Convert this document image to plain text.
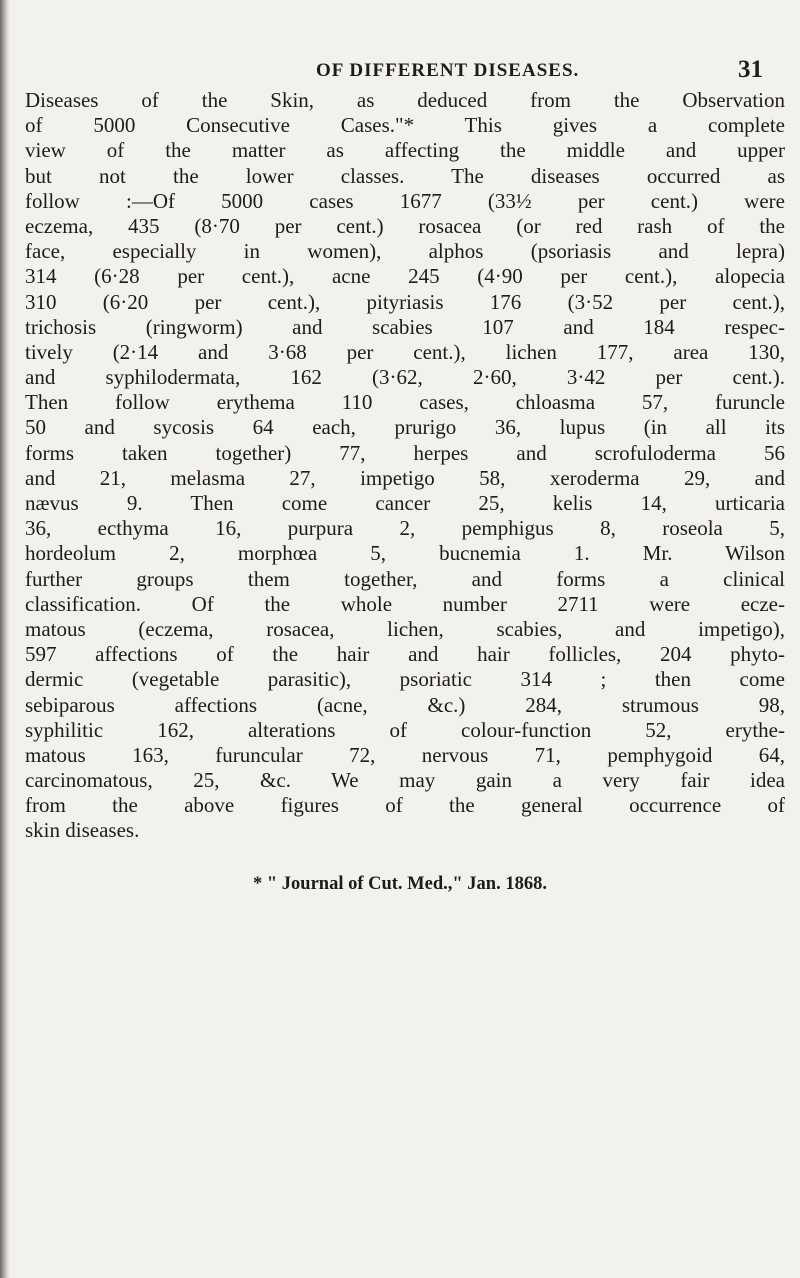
OF DIFFERENT DISEASES.	31
Diseases of the Skin, as deduced from the Observation
of 5000 Consecutive Cases."* This gives a complete
view of the matter as affecting the middle and upper
but not the lower classes. The diseases occurred as
follow :—Of 5000 cases 1677 (33½ per cent.) were
eczema, 435 (8·70 per cent.) rosacea (or red rash of the
face, especially in women), alphos (psoriasis and lepra)
314 (6·28 per cent.), acne 245 (4·90 per cent.), alopecia
310 (6·20 per cent.), pityriasis 176 (3·52 per cent.),
trichosis (ringworm) and scabies 107 and 184 respec-
tively (2·14 and 3·68 per cent.), lichen 177, area 130,
and syphilodermata, 162 (3·62, 2·60, 3·42 per cent.).
Then follow erythema 110 cases, chloasma 57, furuncle
50 and sycosis 64 each, prurigo 36, lupus (in all its
forms taken together) 77, herpes and scrofuloderma 56
and 21, melasma 27, impetigo 58, xeroderma 29, and
nævus 9. Then come cancer 25, kelis 14, urticaria
36, ecthyma 16, purpura 2, pemphigus 8, roseola 5,
hordeolum 2, morphœa 5, bucnemia 1. Mr. Wilson
further groups them together, and forms a clinical
classification. Of the whole number 2711 were ecze-
matous (eczema, rosacea, lichen, scabies, and impetigo),
597 affections of the hair and hair follicles, 204 phyto-
dermic (vegetable parasitic), psoriatic 314 ; then come
sebiparous affections (acne, &c.) 284, strumous 98,
syphilitic 162, alterations of colour-function 52, erythe-
matous 163, furuncular 72, nervous 71, pemphygoid 64,
carcinomatous, 25, &c. We may gain a very fair idea
from the above figures of the general occurrence of
skin diseases.
* " Journal of Cut. Med.," Jan. 1868.
